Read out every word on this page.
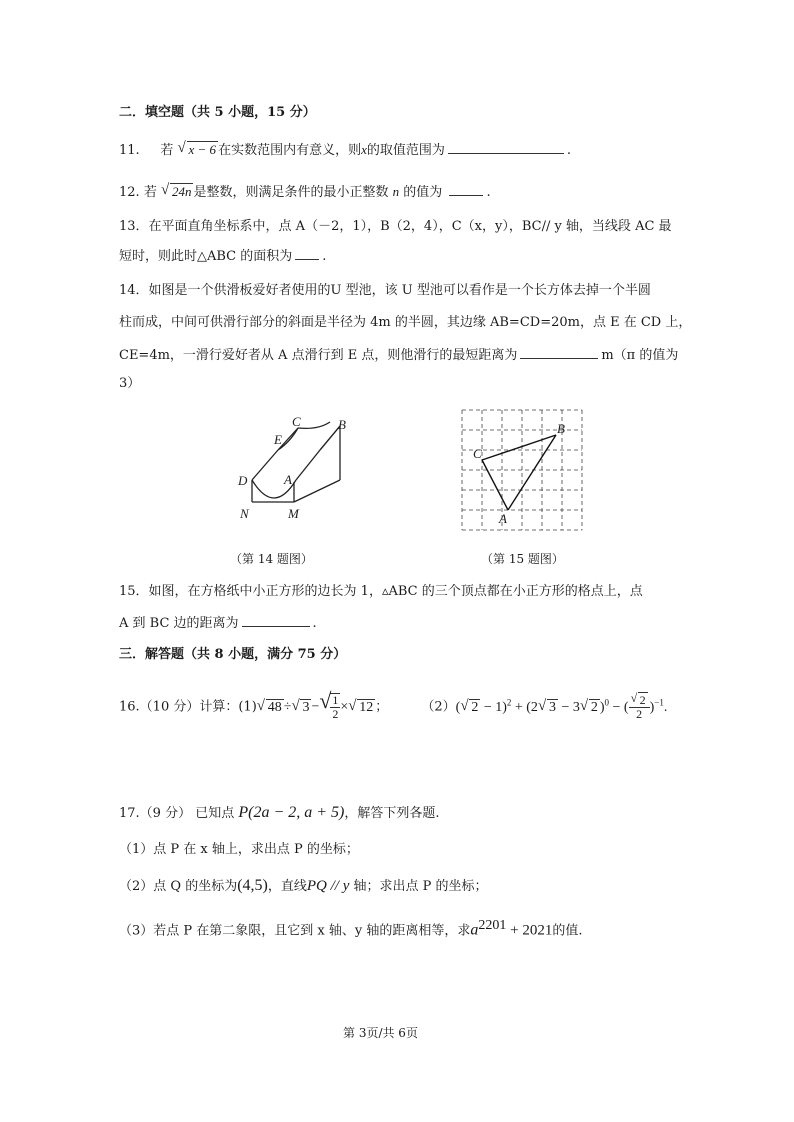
二．填空题（共 5 小题，15 分）
11. 若 √ x − 6 在实数范围内有意义，则x的取值范围为	.
12. 若 √ 24n 是整数，则满足条件的最小正整数 n 的值为	.
13．在平面直角坐标系中，点 A（－2，1），B（2，4），C（x，y），BC// y 轴，当线段 AC 最
短时，则此时△ABC 的面积为 .
14．如图是一个供滑板爱好者使用的U 型池，该 U 型池可以看作是一个长方体去掉一个半圆
柱而成，中间可供滑行部分的斜面是半径为 4m 的半圆，其边缘 AB=CD=20m，点 E 在 CD 上，
CE=4m，一滑行爱好者从 A 点滑行到 E 点，则他滑行的最短距离为	m（π 的值为
3）
E
C	B
D	A
N	M
C
B
A
（第 14 题图）	（第 15 题图）
15．如图，在方格纸中小正方形的边长为 1，▵ABC 的三个顶点都在小正方形的格点上，点
A 到 BC 边的距离为	.
三．解答题（共 8 小题，满分 75 分）
16.（10 分）计算：(1) √ 48 ÷ √ 3 − √
$\frac{1}{2}$ × √ 12 ；	（2）( √ 2 − 1)$^2$ + (2 √ 3 − 3 √ 2 )$^0$ − ( $\frac{√ 2}{2} )^{-1}$.
17.（9 分） 已知点 P(2a − 2, a + 5)，解答下列各题.
（1）点 P 在 x 轴上，求出点 P 的坐标；
（2）点 Q 的坐标为(4,5)，直线PQ // y 轴；求出点 P 的坐标；
（3）若点 P 在第二象限，且它到 x 轴、y 轴的距离相等，求$a^{2201} + 2021$的值.
第 3页/共 6页
